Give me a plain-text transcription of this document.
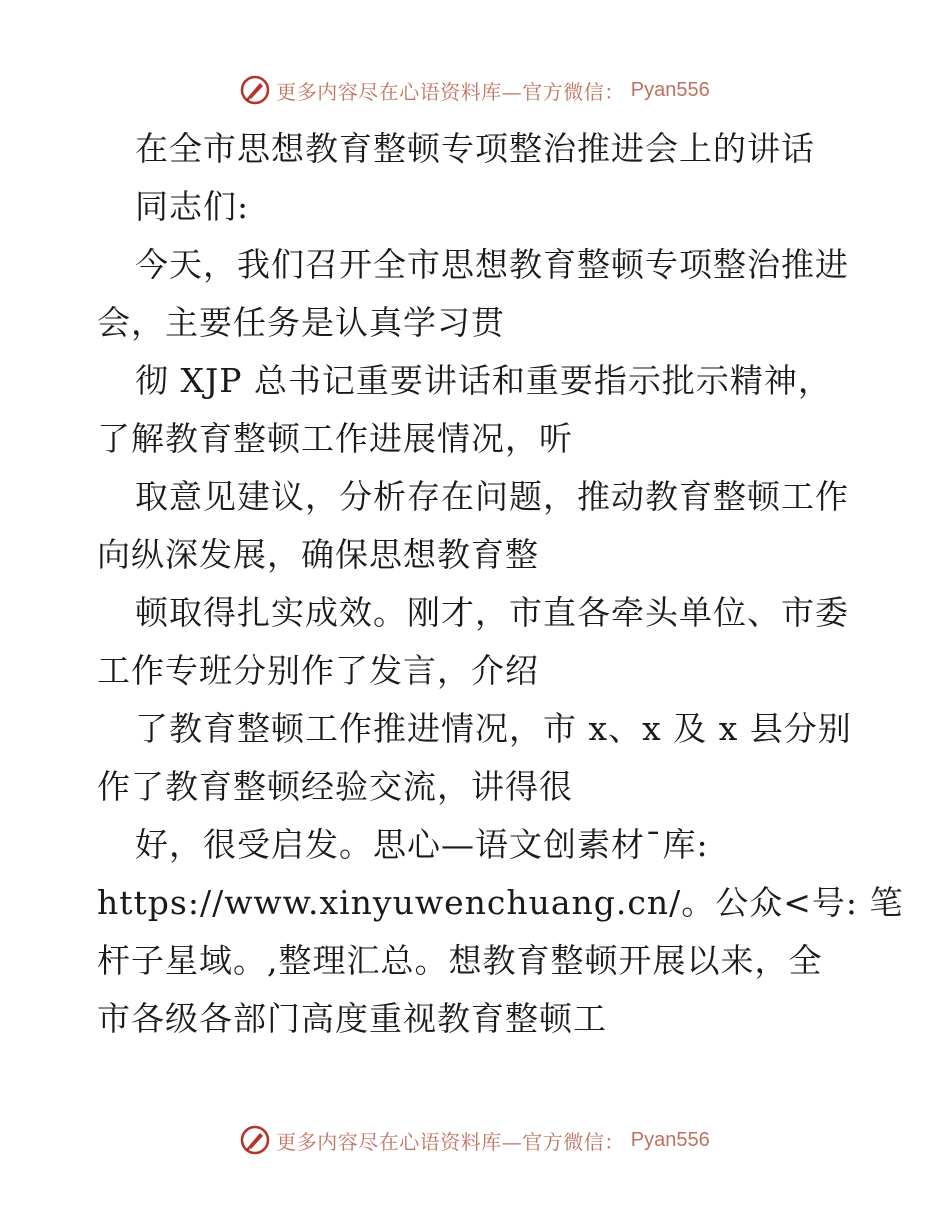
更多内容尽在心语资料库—官方微信： Pyan556
在全市思想教育整顿专项整治推进会上的讲话
同志们:
今天，我们召开全市思想教育整顿专项整治推进
会，主要任务是认真学习贯
彻 XJP 总书记重要讲话和重要指示批示精神，
了解教育整顿工作进展情况，听
取意见建议，分析存在问题，推动教育整顿工作
向纵深发展，确保思想教育整
顿取得扎实成效。刚才，市直各牵头单位、市委
工作专班分别作了发言，介绍
了教育整顿工作推进情况，市 x、x 及 x 县分别
作了教育整顿经验交流，讲得很
好，很受启发。思心—语文创素材¯库:
https://www.xinyuwenchuang.cn/。公众<号: 笔
杆子星域。,整理汇总。想教育整顿开展以来，全
市各级各部门高度重视教育整顿工
更多内容尽在心语资料库—官方微信： Pyan556
